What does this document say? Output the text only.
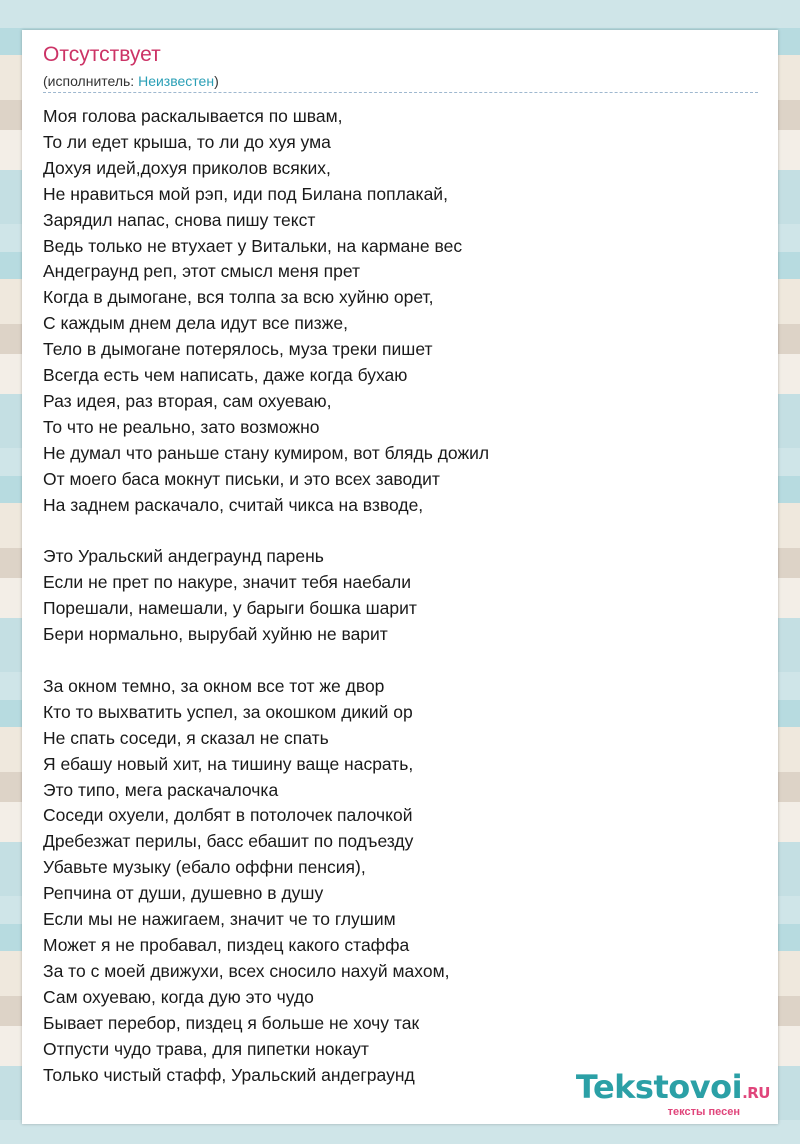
Отсутствует
(исполнитель: Неизвестен)
Моя голова раскалывается по швам,
То ли едет крыша, то ли до хуя ума
Дохуя идей,дохуя приколов всяких,
Не нравиться мой рэп, иди под Билана поплакай,
Зарядил напас, снова пишу текст
Ведь только не втухает у Витальки, на кармане вес
Андеграунд реп, этот смысл меня прет
Когда в дымогане, вся толпа за всю хуйню орет,
С каждым днем дела идут все пизже,
Тело в дымогане потерялось, муза треки пишет
Всегда есть чем написать, даже когда бухаю
Раз идея, раз вторая, сам охуеваю,
То что не реально, зато возможно
Не думал что раньше стану кумиром, вот блядь дожил
От моего баса мокнут письки, и это всех заводит
На заднем раскачало, считай чикса на взводе,
Это Уральский андеграунд парень
Если не прет по накуре, значит тебя наебали
Порешали, намешали, у барыги бошка шарит
Бери нормально, вырубай хуйню не варит
За окном темно, за окном все тот же двор
Кто то выхватить успел, за окошком дикий ор
Не спать соседи, я сказал не спать
Я ебашу новый хит, на тишину ваще насрать,
Это типо, мега раскачалочка
Соседи охуели, долбят в потолочек палочкой
Дребезжат перилы, басс ебашит по подъезду
Убавьте музыку (ебало оффни пенсия),
Репчина от души, душевно в душу
Если мы не нажигаем, значит че то глушим
Может я не пробавал, пиздец какого стаффа
За то с моей движухи, всех сносило нахуй махом,
Сам охуеваю, когда дую это чудо
Бывает перебор, пиздец я больше не хочу так
Отпусти чудо трава, для пипетки нокаут
Только чистый стафф, Уральский андеграунд	Tekstovoi.RU
тексты песен
